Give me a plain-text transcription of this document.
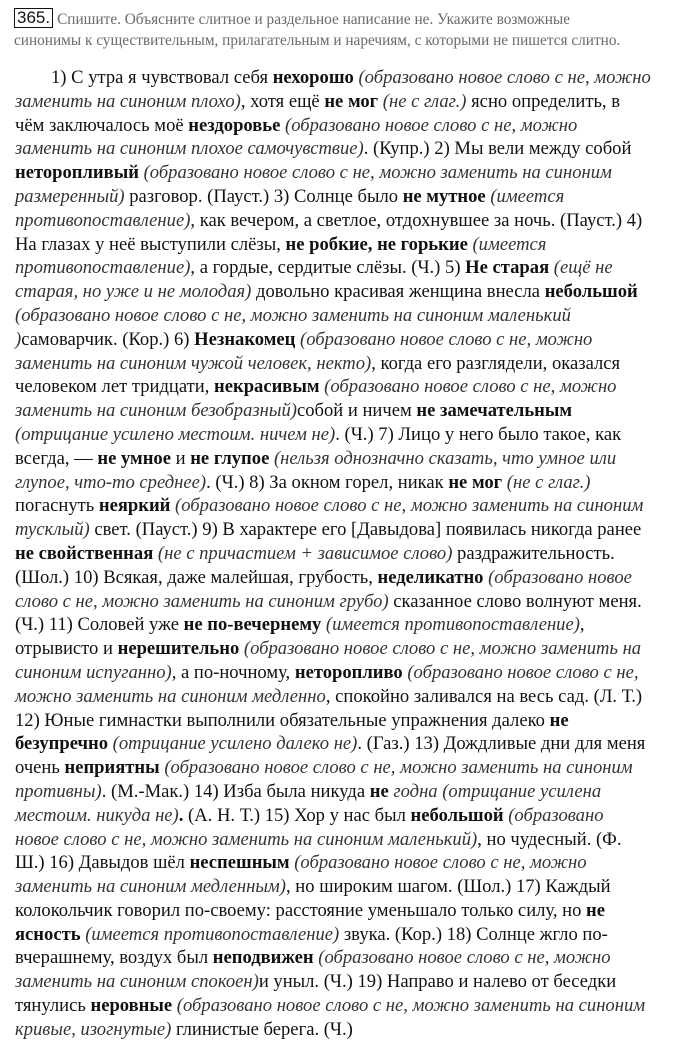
365. Спишите. Объясните слитное и раздельное написание не. Укажите возможные
синонимы к существительным, прилагательным и наречиям, с которыми не пишется слитно.
1) С утра я чувствовал себя нехорошо (образовано новое слово с не, можно
заменить на синоним плохо), хотя ещё не мог (не с глаг.) ясно определить, в
чём заключалось моё нездоровье (образовано новое слово с не, можно
заменить на синоним плохое самочувствие). (Купр.) 2) Мы вели между собой
неторопливый (образовано новое слово с не, можно заменить на синоним
размеренный) разговор. (Пауст.) 3) Солнце было не мутное (имеется
противопоставление), как вечером, а светлое, отдохнувшее за ночь. (Пауст.) 4)
На глазах у неё выступили слёзы, не робкие, не горькие (имеется
противопоставление), а гордые, сердитые слёзы. (Ч.) 5) Не старая (ещё не
старая, но уже и не молодая) довольно красивая женщина внесла небольшой
(образовано новое слово с не, можно заменить на синоним маленький
)самоварчик. (Кор.) 6) Незнакомец (образовано новое слово с не, можно
заменить на синоним чужой человек, некто), когда его разглядели, оказался
человеком лет тридцати, некрасивым (образовано новое слово с не, можно
заменить на синоним безобразный)собой и ничем не замечательным
(отрицание усилено местоим. ничем не). (Ч.) 7) Лицо у него было такое, как
всегда, — не умное и не глупое (нельзя однозначно сказать, что умное или
глупое, что-то среднее). (Ч.) 8) За окном горел, никак не мог (не с глаг.)
погаснуть неяркий (образовано новое слово с не, можно заменить на синоним
тусклый) свет. (Пауст.) 9) В характере его [Давыдова] появилась никогда ранее
не свойственная (не с причастием + зависимое слово) раздражительность.
(Шол.) 10) Всякая, даже малейшая, грубость, неделикатно (образовано новое
слово с не, можно заменить на синоним грубо) сказанное слово волнуют меня.
(Ч.) 11) Соловей уже не по-вечернему (имеется противопоставление),
отрывисто и нерешительно (образовано новое слово с не, можно заменить на
синоним испуганно), а по-ночному, неторопливо (образовано новое слово с не,
можно заменить на синоним медленно, спокойно заливался на весь сад. (Л. Т.)
12) Юные гимнастки выполнили обязательные упражнения далеко не
безупречно (отрицание усилено далеко не). (Газ.) 13) Дождливые дни для меня
очень неприятны (образовано новое слово с не, можно заменить на синоним
противны). (М.-Мак.) 14) Изба была никуда не годна (отрицание усилена
местоим. никуда не). (А. Н. Т.) 15) Хор у нас был небольшой (образовано
новое слово с не, можно заменить на синоним маленький), но чудесный. (Ф.
Ш.) 16) Давыдов шёл неспешным (образовано новое слово с не, можно
заменить на синоним медленным), но широким шагом. (Шол.) 17) Каждый
колокольчик говорил по-своему: расстояние уменьшало только силу, но не
ясность (имеется противопоставление) звука. (Кор.) 18) Солнце жгло по-
вчерашнему, воздух был неподвижен (образовано новое слово с не, можно
заменить на синоним спокоен)и уныл. (Ч.) 19) Направо и налево от беседки
тянулись неровные (образовано новое слово с не, можно заменить на синоним
кривые, изогнутые) глинистые берега. (Ч.)
